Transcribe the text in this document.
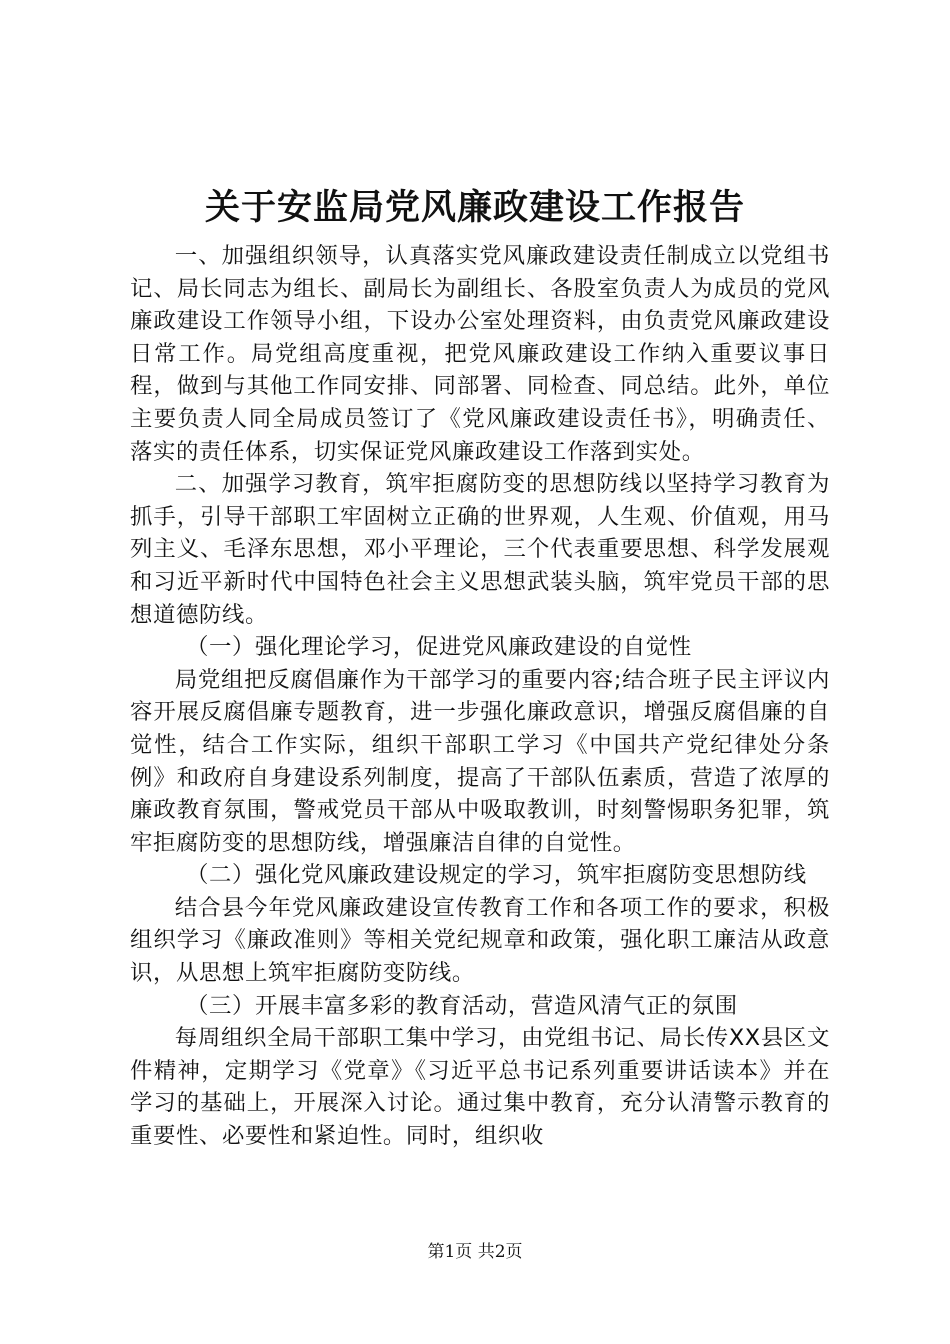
关于安监局党风廉政建设工作报告

一、加强组织领导，认真落实党风廉政建设责任制成立以党组书记、局长同志为组长、副局长为副组长、各股室负责人为成员的党风廉政建设工作领导小组，下设办公室处理资料，由负责党风廉政建设日常工作。局党组高度重视，把党风廉政建设工作纳入重要议事日程，做到与其他工作同安排、同部署、同检查、同总结。此外，单位主要负责人同全局成员签订了《党风廉政建设责任书》，明确责任、落实的责任体系，切实保证党风廉政建设工作落到实处。

二、加强学习教育，筑牢拒腐防变的思想防线以坚持学习教育为抓手，引导干部职工牢固树立正确的世界观，人生观、价值观，用马列主义、毛泽东思想，邓小平理论，三个代表重要思想、科学发展观和习近平新时代中国特色社会主义思想武装头脑，筑牢党员干部的思想道德防线。

（一）强化理论学习，促进党风廉政建设的自觉性

局党组把反腐倡廉作为干部学习的重要内容;结合班子民主评议内容开展反腐倡廉专题教育，进一步强化廉政意识，增强反腐倡廉的自觉性，结合工作实际，组织干部职工学习《中国共产党纪律处分条例》和政府自身建设系列制度，提高了干部队伍素质，营造了浓厚的廉政教育氛围，警戒党员干部从中吸取教训，时刻警惕职务犯罪，筑牢拒腐防变的思想防线，增强廉洁自律的自觉性。

（二）强化党风廉政建设规定的学习，筑牢拒腐防变思想防线

结合县今年党风廉政建设宣传教育工作和各项工作的要求，积极组织学习《廉政准则》等相关党纪规章和政策，强化职工廉洁从政意识，从思想上筑牢拒腐防变防线。

（三）开展丰富多彩的教育活动，营造风清气正的氛围

每周组织全局干部职工集中学习，由党组书记、局长传XX县区文件精神，定期学习《党章》《习近平总书记系列重要讲话读本》并在学习的基础上，开展深入讨论。通过集中教育，充分认清警示教育的重要性、必要性和紧迫性。同时，组织收

第1页 共2页
